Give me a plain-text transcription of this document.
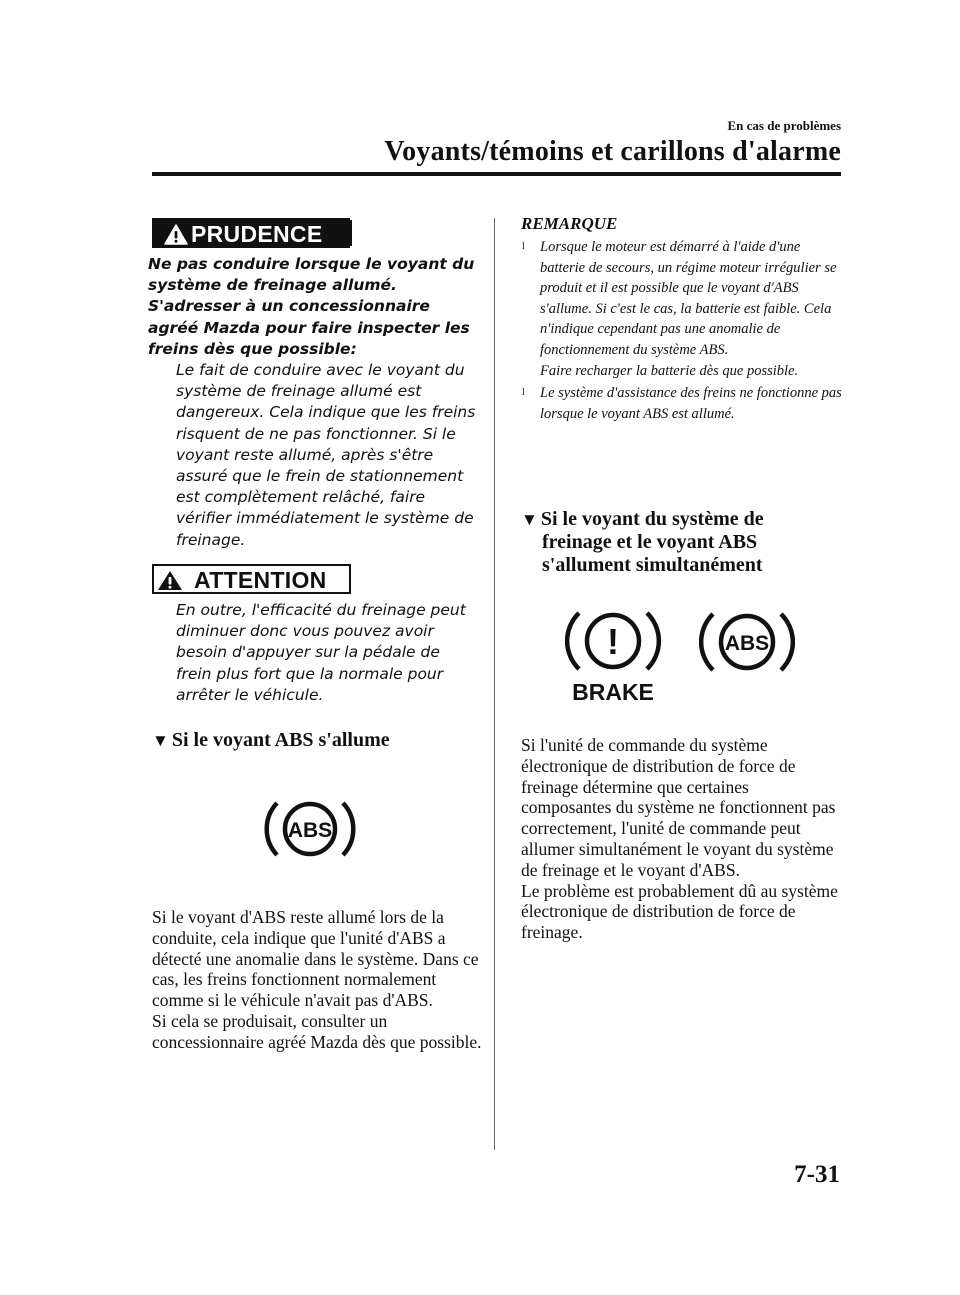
En cas de problèmes
Voyants/témoins et carillons d'alarme
PRUDENCE
Ne pas conduire lorsque le voyant du système de freinage allumé. S'adresser à un concessionnaire agréé Mazda pour faire inspecter les freins dès que possible:
Le fait de conduire avec le voyant du système de freinage allumé est dangereux. Cela indique que les freins risquent de ne pas fonctionner. Si le voyant reste allumé, après s'être assuré que le frein de stationnement est complètement relâché, faire vérifier immédiatement le système de freinage.
ATTENTION
En outre, l'efficacité du freinage peut diminuer donc vous pouvez avoir besoin d'appuyer sur la pédale de frein plus fort que la normale pour arrêter le véhicule.
▼ Si le voyant ABS s'allume
ABS
Si le voyant d'ABS reste allumé lors de la conduite, cela indique que l'unité d'ABS a détecté une anomalie dans le système. Dans ce cas, les freins fonctionnent normalement comme si le véhicule n'avait pas d'ABS.
Si cela se produisait, consulter un concessionnaire agréé Mazda dès que possible.
REMARQUE
l Lorsque le moteur est démarré à l'aide d'une batterie de secours, un régime moteur irrégulier se produit et il est possible que le voyant d'ABS s'allume. Si c'est le cas, la batterie est faible. Cela n'indique cependant pas une anomalie de fonctionnement du système ABS.
Faire recharger la batterie dès que possible.
l Le système d'assistance des freins ne fonctionne pas lorsque le voyant ABS est allumé.
▼ Si le voyant du système de
freinage et le voyant ABS
s'allument simultanément
!
BRAKE
ABS
Si l'unité de commande du système électronique de distribution de force de freinage détermine que certaines composantes du système ne fonctionnent pas correctement, l'unité de commande peut allumer simultanément le voyant du système de freinage et le voyant d'ABS.
Le problème est probablement dû au système électronique de distribution de force de freinage.
7-31
